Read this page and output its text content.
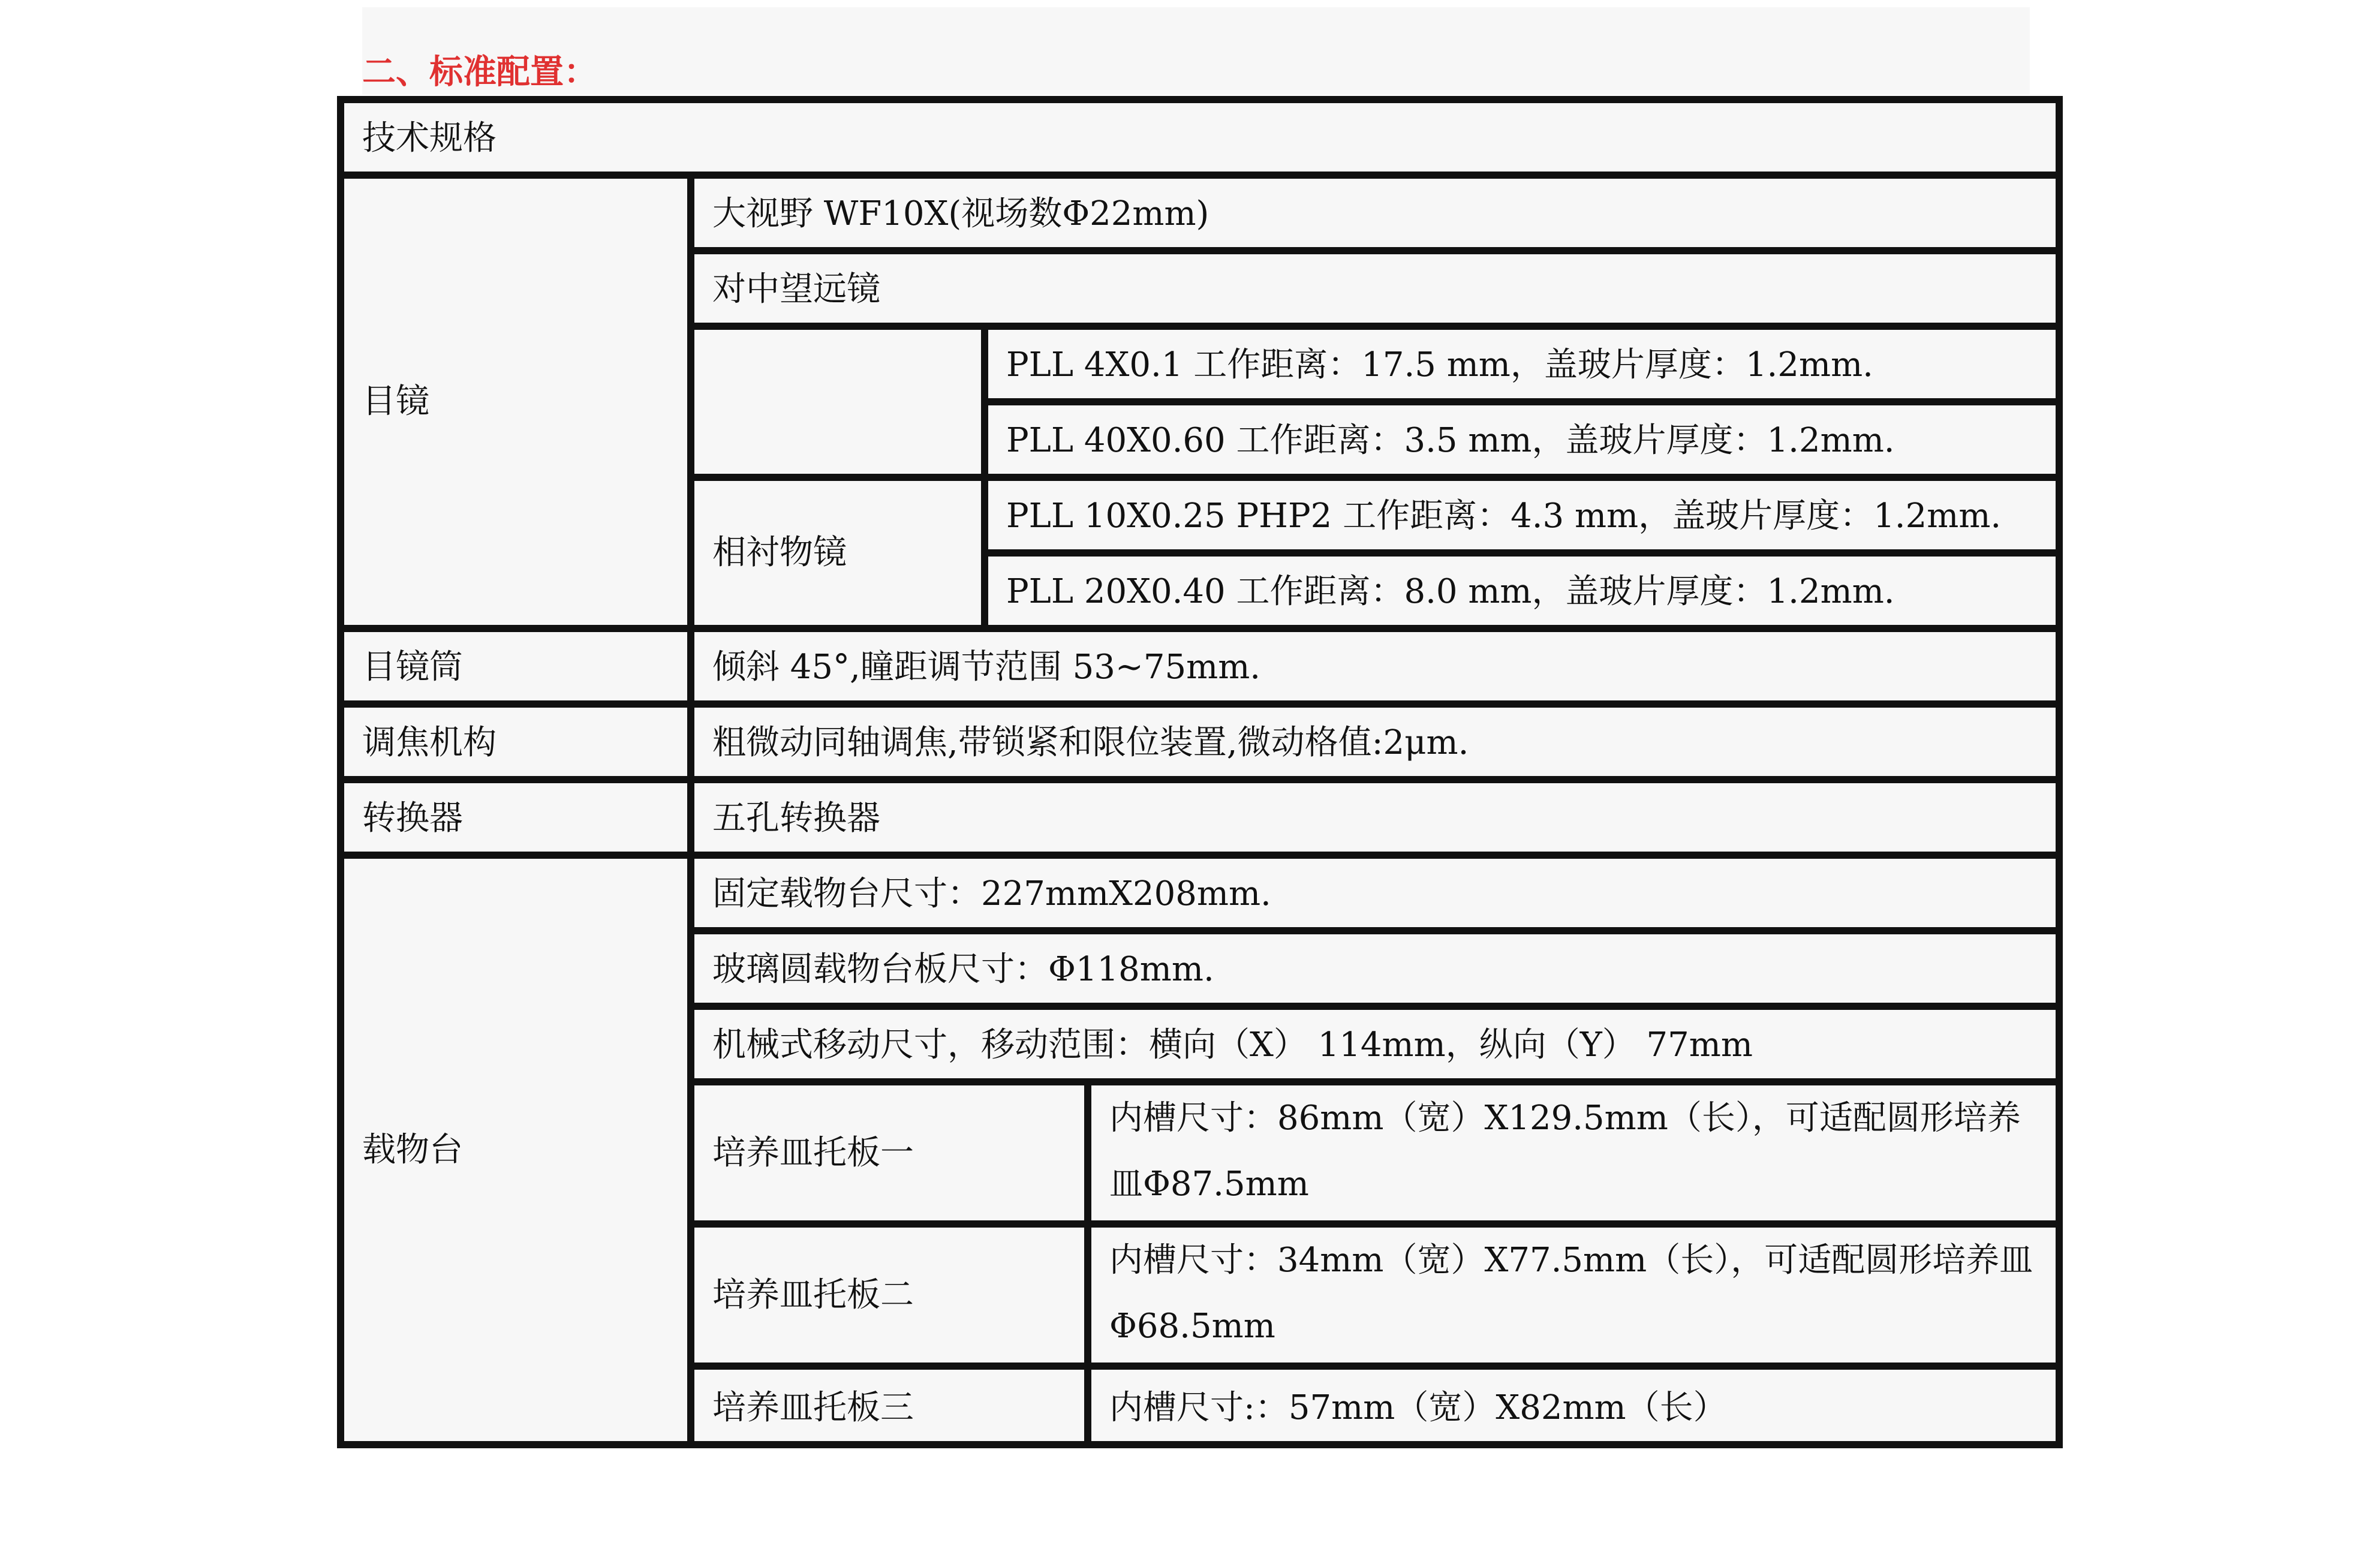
二、标准配置：
技术规格			
目镜	大视野 WF10X(视场数Φ22mm)		
	对中望远镜		
		PLL 4X0.1 工作距离：17.5 mm，盖玻片厚度：1.2mm.	
		PLL 40X0.60 工作距离：3.5 mm，盖玻片厚度：1.2mm.	
	相衬物镜	PLL 10X0.25 PHP2 工作距离：4.3 mm，盖玻片厚度：1.2mm.	
		PLL 20X0.40 工作距离：8.0 mm，盖玻片厚度：1.2mm.	
目镜筒	倾斜 45°,瞳距调节范围 53~75mm.		
调焦机构	粗微动同轴调焦,带锁紧和限位装置,微动格值:2μm.		
转换器	五孔转换器		
载物台	固定载物台尺寸：227mmX208mm.		
	玻璃圆载物台板尺寸：Φ118mm.		
	机械式移动尺寸，移动范围：横向（X） 114mm，纵向（Y） 77mm		
	培养皿托板一		内槽尺寸：86mm（宽）X129.5mm（长），可适配圆形培养皿Φ87.5mm
	培养皿托板二		内槽尺寸：34mm（宽）X77.5mm（长），可适配圆形培养皿Φ68.5mm
	培养皿托板三		内槽尺寸:：57mm（宽）X82mm（长）
